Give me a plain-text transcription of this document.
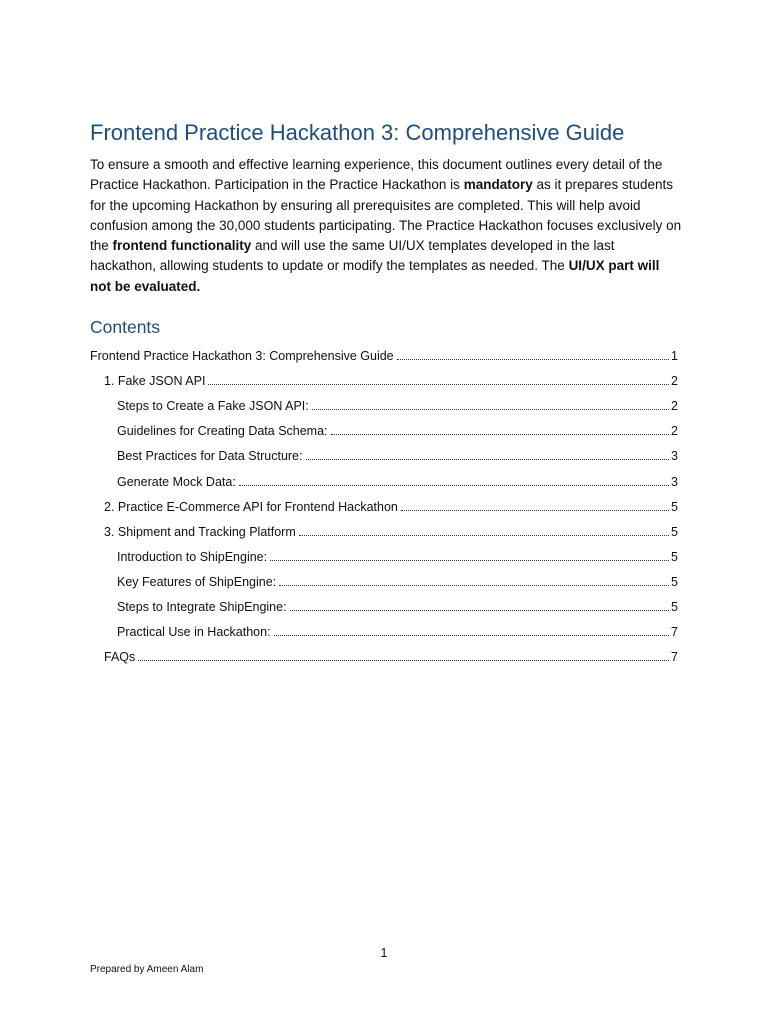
Frontend Practice Hackathon 3: Comprehensive Guide

To ensure a smooth and effective learning experience, this document outlines every detail of the Practice Hackathon. Participation in the Practice Hackathon is mandatory as it prepares students for the upcoming Hackathon by ensuring all prerequisites are completed. This will help avoid confusion among the 30,000 students participating. The Practice Hackathon focuses exclusively on the frontend functionality and will use the same UI/UX templates developed in the last hackathon, allowing students to update or modify the templates as needed. The UI/UX part will not be evaluated.

Contents
Frontend Practice Hackathon 3: Comprehensive Guide	1
1. Fake JSON API	2
Steps to Create a Fake JSON API:	2
Guidelines for Creating Data Schema:	2
Best Practices for Data Structure:	3
Generate Mock Data:	3
2. Practice E-Commerce API for Frontend Hackathon	5
3. Shipment and Tracking Platform	5
Introduction to ShipEngine:	5
Key Features of ShipEngine:	5
Steps to Integrate ShipEngine:	5
Practical Use in Hackathon:	7
FAQs	7
1
Prepared by Ameen Alam
